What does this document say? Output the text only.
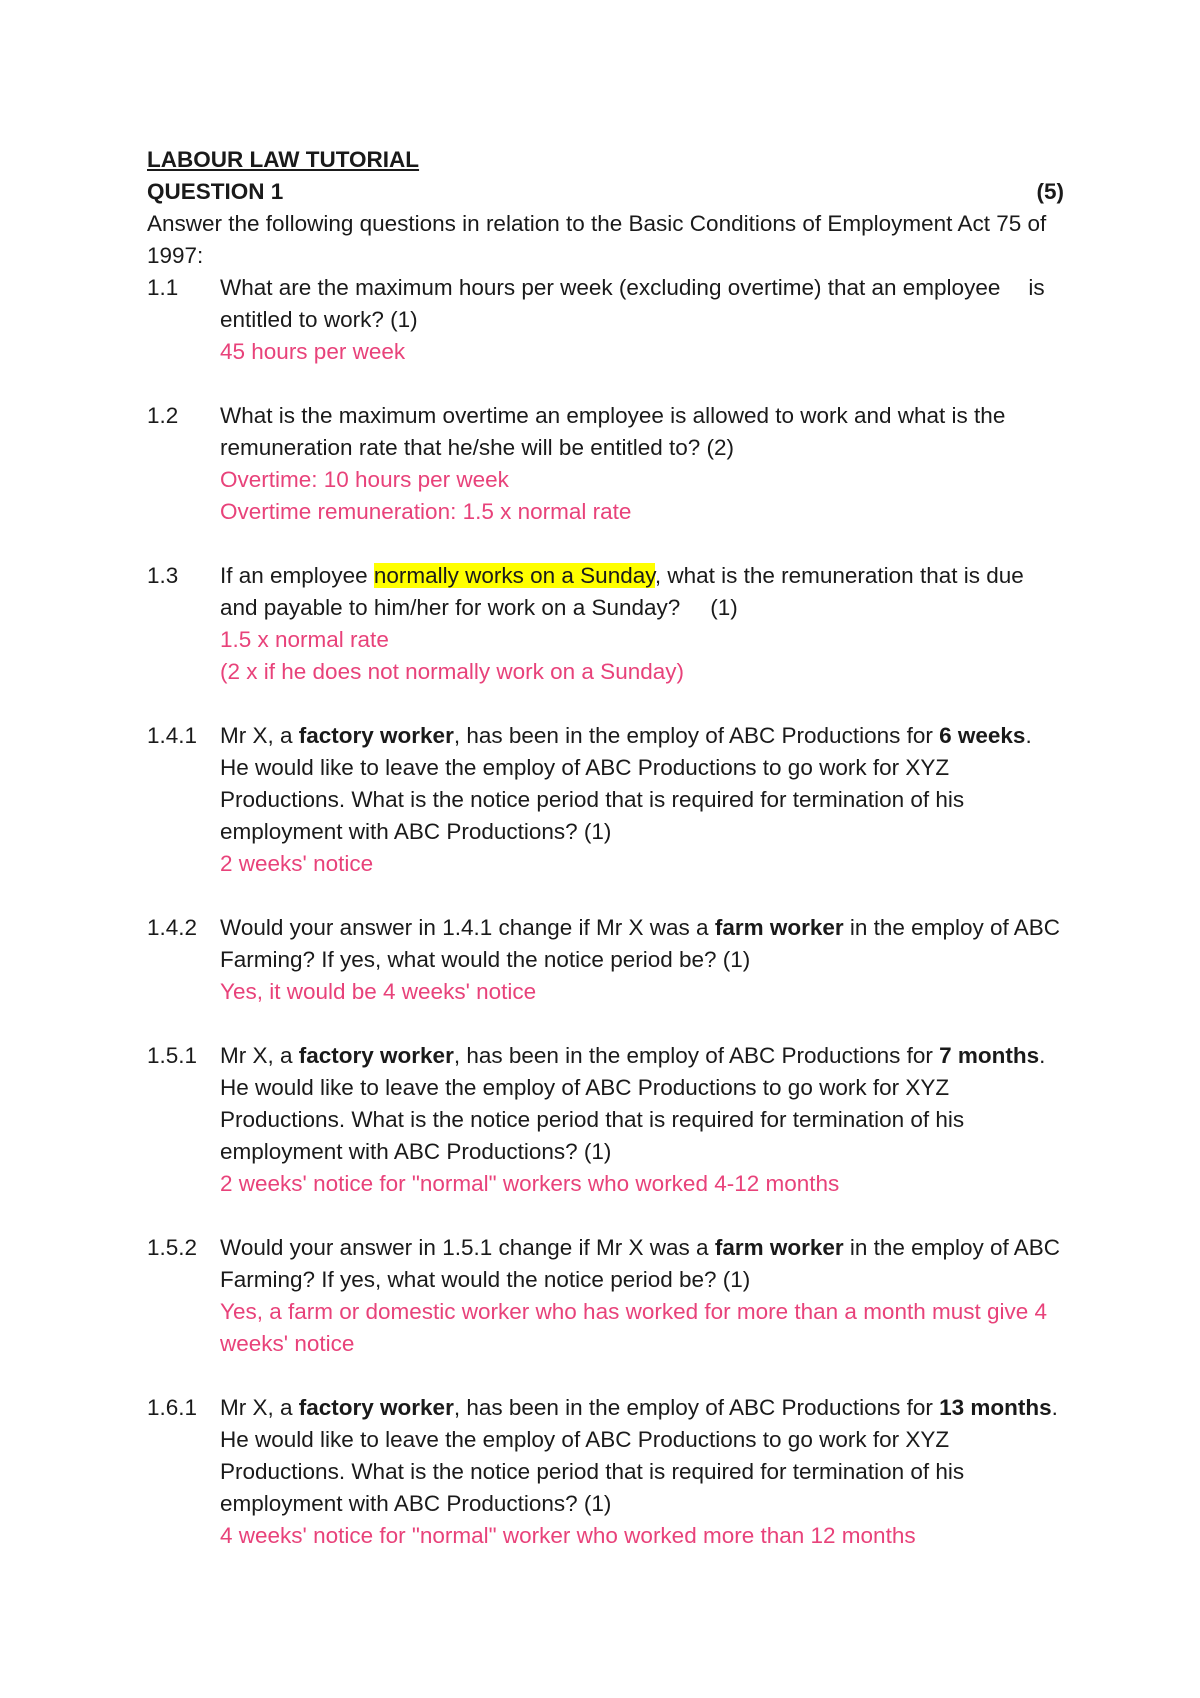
LABOUR LAW TUTORIAL
QUESTION 1	(5)

Answer the following questions in relation to the Basic Conditions of Employment Act 75 of 1997:

1.1	What are the maximum hours per week (excluding overtime) that an employee is entitled to work? (1)
45 hours per week
1.2	What is the maximum overtime an employee is allowed to work and what is theremuneration rate that he/she will be entitled to? (2)
Overtime: 10 hours per week
Overtime remuneration: 1.5 x normal rate
1.3	If an employee normally works on a Sunday, what is the remuneration that is due and payable to him/her for work on a Sunday? (1)
1.5 x normal rate
(2 x if he does not normally work on a Sunday)
1.4.1	Mr X, a factory worker, has been in the employ of ABC Productions for 6 weeks. He would like to leave the employ of ABC Productions to go work for XYZ Productions. What is the notice period that is required for termination of his employment with ABC Productions? (1)
2 weeks' notice
1.4.2	Would your answer in 1.4.1 change if Mr X was a farm worker in the employ of ABC Farming? If yes, what would the notice period be? (1)
Yes, it would be 4 weeks' notice
1.5.1	Mr X, a factory worker, has been in the employ of ABC Productions for 7 months. He would like to leave the employ of ABC Productions to go work for XYZ Productions. What is the notice period that is required for termination of his employment with ABC Productions? (1)
2 weeks' notice for "normal" workers who worked 4-12 months
1.5.2	Would your answer in 1.5.1 change if Mr X was a farm worker in the employ of ABC Farming? If yes, what would the notice period be? (1)
Yes, a farm or domestic worker who has worked for more than a month must give 4 weeks' notice
1.6.1	Mr X, a factory worker, has been in the employ of ABC Productions for 13 months. He would like to leave the employ of ABC Productions to go work for XYZ Productions. What is the notice period that is required for termination of his employment with ABC Productions? (1)
4 weeks' notice for "normal" worker who worked more than 12 months
